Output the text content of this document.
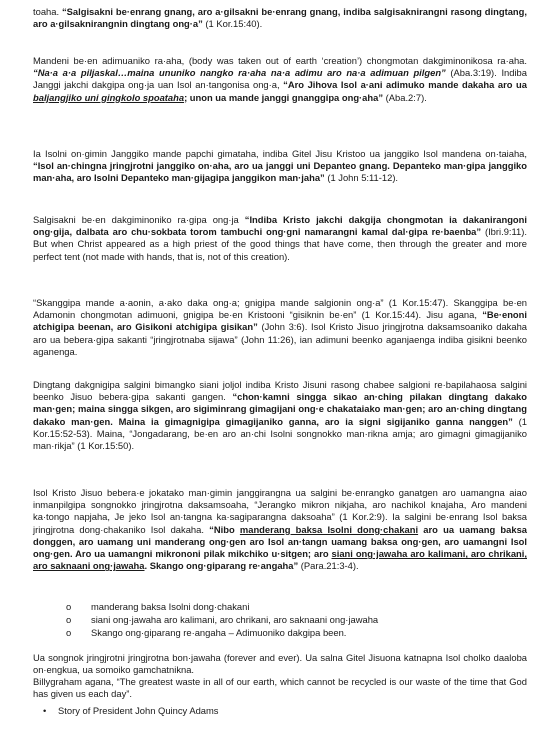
toaha. “Salgisakni be·enrang gnang, aro a·gilsakni be·enrang gnang, indiba salgisaknirangni rasong dingtang, aro a·gilsaknirangnin dingtang ong·a” (1 Kor.15:40).

Mandeni be·en adimuaniko ra·aha, (body was taken out of earth ‘creation’) chongmotan dakgiminonikosa ra·aha. “Na·a a·a piljaskal…maina ununiko nangko ra·aha na·a adimu aro na·a adimuan pilgen” (Aba.3:19). Indiba Janggi jakchi dakgipa ong·ja uan Isol an·tangonisa ong·a, “Aro Jihova Isol a·ani adimuko mande dakaha aro ua baljangjiko uni gingkolo spoataha; unon ua mande janggi gnanggipa ong·aha” (Aba.2:7).

Ia Isolni on·gimin Janggiko mande papchi gimataha, indiba Gitel Jisu Kristoo ua janggiko Isol mandena on·taiaha, “Isol an·chingna jringjrotni janggiko on·aha, aro ua janggi uni Depanteo gnang. Depanteko man·gipa janggiko man·aha, aro Isolni Depanteko man·gijagipa janggikon man·jaha” (1 John 5:11-12).

Salgisakni be·en dakgiminoniko ra·gipa ong·ja “Indiba Kristo jakchi dakgija chongmotan ia dakanirangoni ong·gija, dalbata aro chu·sokbata torom tambuchi ong·gni namarangni kamal dal·gipa re·baenba” (Ibri.9:11). But when Christ appeared as a high priest of the good things that have come, then through the greater and more perfect tent (not made with hands, that is, not of this creation).

“Skanggipa mande a·aonin, a·ako daka ong·a; gnigipa mande salgionin ong·a” (1 Kor.15:47). Skanggipa be·en Adamonin chongmotan adimuoni, gnigipa be·en Kristooni “gisiknin be·en” (1 Kor.15:44). Jisu agana, “Be·enoni atchigipa beenan, aro Gisikoni atchigipa gisikan” (John 3:6). Isol Kristo Jisuo jringjrotna daksamsoaniko dakaha aro ua bebera·gipa sakanti “jringjrotnaba sijawa” (John 11:26), ian adimuni beenko aganjaenga indiba gisikni beenko aganenga.

Dingtang dakgnigipa salgini bimangko siani joljol indiba Kristo Jisuni rasong chabee salgioni re·bapilahaosa salgini beenko Jisuo bebera·gipa sakanti gangen. “chon·kamni singga sikao an·ching pilakan dingtang dakako man·gen; maina singga sikgen, aro sigiminrang gimagijani ong·e chakataiako man·gen; aro an·ching dingtang dakako man·gen. Maina ia gimagnigipa gimagijaniko ganna, aro ia signi sigijaniko ganna nanggen” (1 Kor.15:52-53). Maina, “Jongadarang, be·en aro an·chi Isolni songnokko man·rikna amja; aro gimagni gimagijaniko man·rikja” (1 Kor.15:50).

Isol Kristo Jisuo bebera·e jokatako man·gimin janggirangna ua salgini be·enrangko ganatgen aro uamangna aiao inmanpilgipa songnokko jringjrotna daksamsoaha, “Jerangko mikron nikjaha, aro nachikol knajaha, Aro mandeni ka·tongo napjaha, Je jeko Isol an·tangna ka·sagiparangna daksoaha” (1 Kor.2:9). Ia salgini be·enrang Isol baksa jringjrotna dong·chakaniko Isol dakaha. “Nibo manderang baksa Isolni dong·chakani aro ua uamang baksa donggen, aro uamang uni manderang ong·gen aro Isol an·tangn uamang baksa ong·gen, aro uamangni Isol ong·gen. Aro ua uamangni mikrononi pilak mikchiko u·sitgen; aro siani ong·jawaha aro kalimani, aro chrikani, aro saknaani ong·jawaha. Skango ong·giparang re·angaha” (Para.21:3-4).

o manderang baksa Isolni dong·chakani
o siani ong·jawaha aro kalimani, aro chrikani, aro saknaani ong·jawaha
o Skango ong·giparang re·angaha – Adimuoniko dakgipa been.

Ua songnok jringjrotni jringjrotna bon·jawaha (forever and ever). Ua salna Gitel Jisuona katnapna Isol cholko daaloba on·engkua, ua somoiko gamchatnikna.

Billygraham agana, “The greatest waste in all of our earth, which cannot be recycled is our waste of the time that God has given us each day”.

• Story of President John Quincy Adams
